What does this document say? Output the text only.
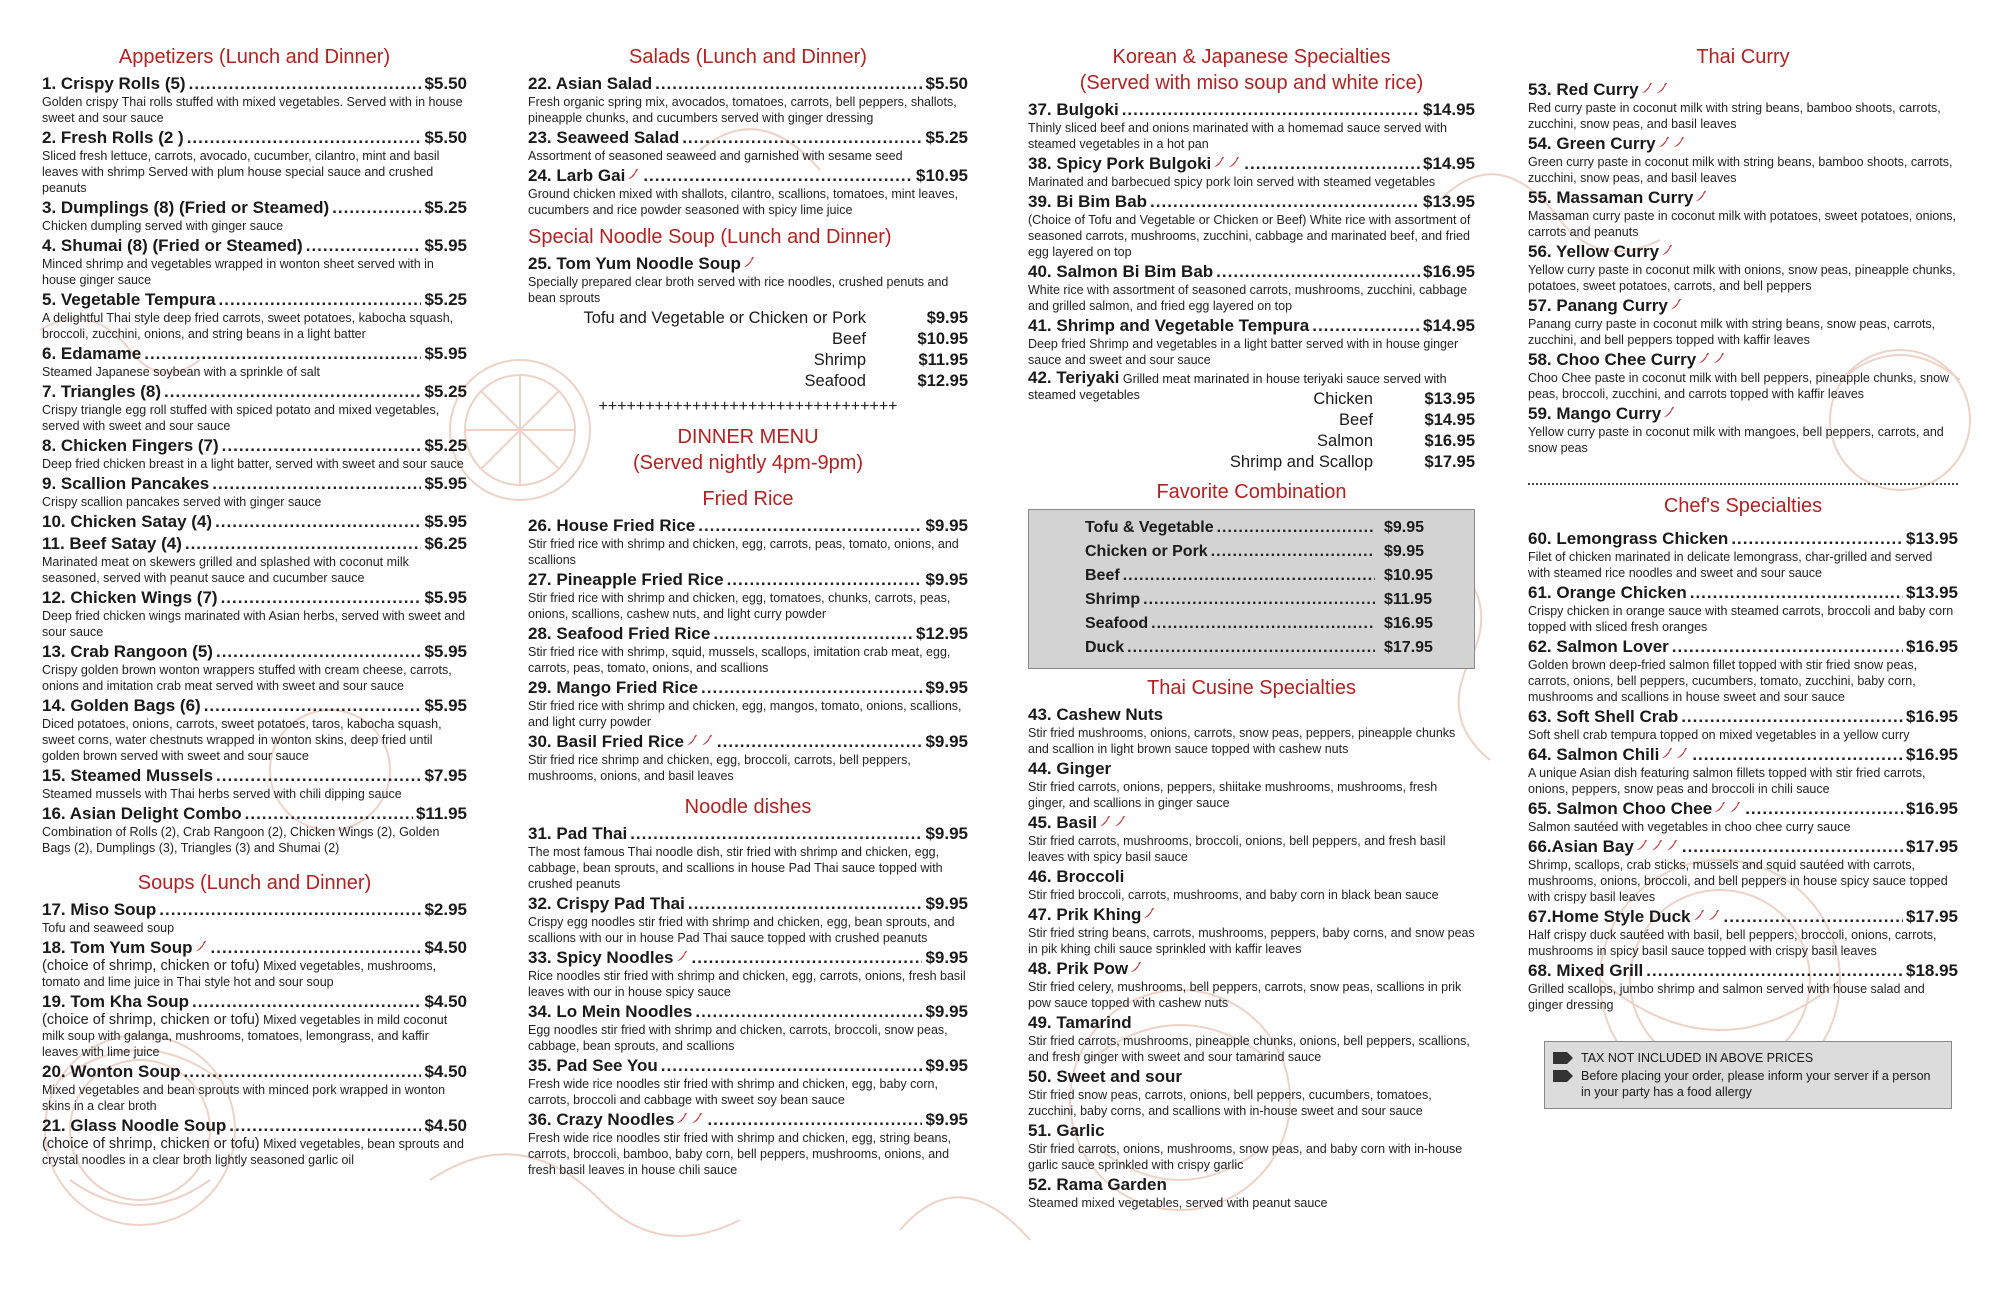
Appetizers (Lunch and Dinner)
1. Crispy Rolls (5) .....	$5.50
Golden crispy Thai rolls stuffed with mixed vegetables. Served with in house sweet and sour sauce
2. Fresh Rolls (2 ) .....	$5.50
Sliced fresh lettuce, carrots, avocado, cucumber, cilantro, mint and basil leaves with shrimp Served with plum house special sauce and crushed peanuts
3. Dumplings (8) (Fried or Steamed) .....	$5.25
Chicken dumpling served with ginger sauce
4. Shumai (8) (Fried or Steamed) .....	$5.95
Minced shrimp and vegetables wrapped in wonton sheet served with in house ginger sauce
5. Vegetable Tempura .....	$5.25
A delightful Thai style deep fried carrots, sweet potatoes, kabocha squash, broccoli, zucchini, onions, and string beans in a light batter
6. Edamame .....	$5.95
Steamed Japanese soybean with a sprinkle of salt
7. Triangles (8) .....	$5.25
Crispy triangle egg roll stuffed with spiced potato and mixed vegetables, served with sweet and sour sauce
8. Chicken Fingers (7) .....	$5.25
Deep fried chicken breast in a light batter, served with sweet and sour sauce
9. Scallion Pancakes .....	$5.95
Crispy scallion pancakes served with ginger sauce
10. Chicken Satay (4) .....	$5.95
11. Beef Satay (4) .....	$6.25
Marinated meat on skewers grilled and splashed with coconut milk seasoned, served with peanut sauce and cucumber sauce
12. Chicken Wings (7) .....	$5.95
Deep fried chicken wings marinated with Asian herbs, served with sweet and sour sauce
13. Crab Rangoon (5) .....	$5.95
Crispy golden brown wonton wrappers stuffed with cream cheese, carrots, onions and imitation crab meat served with sweet and sour sauce
14. Golden Bags (6) .....	$5.95
Diced potatoes, onions, carrots, sweet potatoes, taros, kabocha squash, sweet corns, water chestnuts wrapped in wonton skins, deep fried until golden brown served with sweet and sour sauce
15. Steamed Mussels .....	$7.95
Steamed mussels with Thai herbs served with chili dipping sauce
16. Asian Delight Combo .....	$11.95
Combination of Rolls (2), Crab Rangoon (2), Chicken Wings (2), Golden Bags (2), Dumplings (3), Triangles (3) and Shumai (2)
Soups (Lunch and Dinner)
17. Miso Soup .....	$2.95
Tofu and seaweed soup
18. Tom Yum Soup .....	$4.50
(choice of shrimp, chicken or tofu) Mixed vegetables, mushrooms, tomato and lime juice in Thai style hot and sour soup
19. Tom Kha Soup .....	$4.50
(choice of shrimp, chicken or tofu) Mixed vegetables in mild coconut milk soup with galanga, mushrooms, tomatoes, lemongrass, and kaffir leaves with lime juice
20. Wonton Soup .....	$4.50
Mixed vegetables and bean sprouts with minced pork wrapped in wonton skins in a clear broth
21. Glass Noodle Soup .....	$4.50
(choice of shrimp, chicken or tofu) Mixed vegetables, bean sprouts and crystal noodles in a clear broth lightly seasoned garlic oil
Salads (Lunch and Dinner)
22. Asian Salad .....	$5.50
Fresh organic spring mix, avocados, tomatoes, carrots, bell peppers, shallots, pineapple chunks, and cucumbers served with ginger dressing
23. Seaweed Salad .....	$5.25
Assortment of seasoned seaweed and garnished with sesame seed
24. Larb Gai .....	$10.95
Ground chicken mixed with shallots, cilantro, scallions, tomatoes, mint leaves, cucumbers and rice powder seasoned with spicy lime juice
Special Noodle Soup (Lunch and Dinner)
25. Tom Yum Noodle Soup
Specially prepared clear broth served with rice noodles, crushed penuts and bean sprouts
Tofu and Vegetable or Chicken or Pork	$9.95
Beef	$10.95
Shrimp	$11.95
Seafood	$12.95
++++++++++++++++++++++++++++++++
DINNER MENU
(Served nightly 4pm-9pm)
Fried Rice
26. House Fried Rice .....	$9.95
Stir fried rice with shrimp and chicken, egg, carrots, peas, tomato, onions, and scallions
27. Pineapple Fried Rice .....	$9.95
Stir fried rice with shrimp and chicken, egg, tomatoes, chunks, carrots, peas, onions, scallions, cashew nuts, and light curry powder
28. Seafood Fried Rice .....	$12.95
Stir fried rice with shrimp, squid, mussels, scallops, imitation crab meat, egg, carrots, peas, tomato, onions, and scallions
29. Mango Fried Rice .....	$9.95
Stir fried rice with shrimp and chicken, egg, mangos, tomato, onions, scallions, and light curry powder
30. Basil Fried Rice .....	$9.95
Stir fried rice shrimp and chicken, egg, broccoli, carrots, bell peppers, mushrooms, onions, and basil leaves
Noodle dishes
31. Pad Thai .....	$9.95
The most famous Thai noodle dish, stir fried with shrimp and chicken, egg, cabbage, bean sprouts, and scallions in house Pad Thai sauce topped with crushed peanuts
32. Crispy Pad Thai .....	$9.95
Crispy egg noodles stir fried with shrimp and chicken, egg, bean sprouts, and scallions with our in house Pad Thai sauce topped with crushed peanuts
33. Spicy Noodles .....	$9.95
Rice noodles stir fried with shrimp and chicken, egg, carrots, onions, fresh basil leaves with our in house spicy sauce
34. Lo Mein Noodles .....	$9.95
Egg noodles stir fried with shrimp and chicken, carrots, broccoli, snow peas, cabbage, bean sprouts, and scallions
35. Pad See You .....	$9.95
Fresh wide rice noodles stir fried with shrimp and chicken, egg, baby corn, carrots, broccoli and cabbage with sweet soy bean sauce
36. Crazy Noodles .....	$9.95
Fresh wide rice noodles stir fried with shrimp and chicken, egg, string beans, carrots, broccoli, bamboo, baby corn, bell peppers, mushrooms, onions, and fresh basil leaves in house chili sauce
Korean & Japanese Specialties
(Served with miso soup and white rice)
37. Bulgoki .....	$14.95
Thinly sliced beef and onions marinated with a homemad sauce served with steamed vegetables in a hot pan
38. Spicy Pork Bulgoki .....	$14.95
Marinated and barbecued spicy pork loin served with steamed vegetables
39. Bi Bim Bab .....	$13.95
(Choice of Tofu and Vegetable or Chicken or Beef) White rice with assortment of seasoned carrots, mushrooms, zucchini, cabbage and marinated beef, and fried egg layered on top
40. Salmon Bi Bim Bab .....	$16.95
White rice with assortment of seasoned carrots, mushrooms, zucchini, cabbage and grilled salmon, and fried egg layered on top
41. Shrimp and Vegetable Tempura .....	$14.95
Deep fried Shrimp and vegetables in a light batter served with in house ginger sauce and sweet and sour sauce
42. Teriyaki Grilled meat marinated in house teriyaki sauce served with steamed vegetables	Chicken	$13.95
Beef	$14.95
Salmon	$16.95
Shrimp and Scallop	$17.95
Favorite Combination
Tofu & Vegetable .....	$9.95
Chicken or Pork .....	$9.95
Beef .....	$10.95
Shrimp .....	$11.95
Seafood .....	$16.95
Duck .....	$17.95
Thai Cusine Specialties
43. Cashew Nuts
Stir fried mushrooms, onions, carrots, snow peas, peppers, pineapple chunks and scallion in light brown sauce topped with cashew nuts
44. Ginger
Stir fried carrots, onions, peppers, shiitake mushrooms, mushrooms, fresh ginger, and scallions in ginger sauce
45. Basil
Stir fried carrots, mushrooms, broccoli, onions, bell peppers, and fresh basil leaves with spicy basil sauce
46. Broccoli
Stir fried broccoli, carrots, mushrooms, and baby corn in black bean sauce
47. Prik Khing
Stir fried string beans, carrots, mushrooms, peppers, baby corns, and snow peas in pik khing chili sauce sprinkled with kaffir leaves
48. Prik Pow
Stir fried celery, mushrooms, bell peppers, carrots, snow peas, scallions in prik pow sauce topped with cashew nuts
49. Tamarind
Stir fried carrots, mushrooms, pineapple chunks, onions, bell peppers, scallions, and fresh ginger with sweet and sour tamarind sauce
50. Sweet and sour
Stir fried snow peas, carrots, onions, bell peppers, cucumbers, tomatoes, zucchini, baby corns, and scallions with in-house sweet and sour sauce
51. Garlic
Stir fried carrots, onions, mushrooms, snow peas, and baby corn with in-house garlic sauce sprinkled with crispy garlic
52. Rama Garden
Steamed mixed vegetables, served with peanut sauce
Thai Curry
53. Red Curry
Red curry paste in coconut milk with string beans, bamboo shoots, carrots, zucchini, snow peas, and basil leaves
54. Green Curry
Green curry paste in coconut milk with string beans, bamboo shoots, carrots, zucchini, snow peas, and basil leaves
55. Massaman Curry
Massaman curry paste in coconut milk with potatoes, sweet potatoes, onions, carrots and peanuts
56. Yellow Curry
Yellow curry paste in coconut milk with onions, snow peas, pineapple chunks, potatoes, sweet potatoes, carrots, and bell peppers
57. Panang Curry
Panang curry paste in coconut milk with string beans, snow peas, carrots, zucchini, and bell peppers topped with kaffir leaves
58. Choo Chee Curry
Choo Chee paste in coconut milk with bell peppers, pineapple chunks, snow peas, broccoli, zucchini, and carrots topped with kaffir leaves
59. Mango Curry
Yellow curry paste in coconut milk with mangoes, bell peppers, carrots, and snow peas
Chef's Specialties
60. Lemongrass Chicken .....	$13.95
Filet of chicken marinated in delicate lemongrass, char-grilled and served with steamed rice noodles and sweet and sour sauce
61. Orange Chicken .....	$13.95
Crispy chicken in orange sauce with steamed carrots, broccoli and baby corn topped with sliced fresh oranges
62. Salmon Lover .....	$16.95
Golden brown deep-fried salmon fillet topped with stir fried snow peas, carrots, onions, bell peppers, cucumbers, tomato, zucchini, baby corn, mushrooms and scallions in house sweet and sour sauce
63. Soft Shell Crab .....	$16.95
Soft shell crab tempura topped on mixed vegetables in a yellow curry
64. Salmon Chili .....	$16.95
A unique Asian dish featuring salmon fillets topped with stir fried carrots, onions, peppers, snow peas and broccoli in chili sauce
65. Salmon Choo Chee .....	$16.95
Salmon sautéed with vegetables in choo chee curry sauce
66.Asian Bay .....	$17.95
Shrimp, scallops, crab sticks, mussels and squid sautéed with carrots, mushrooms, onions, broccoli, and bell peppers in house spicy sauce topped with crispy basil leaves
67.Home Style Duck .....	$17.95
Half crispy duck sautéed with basil, bell peppers, broccoli, onions, carrots, mushrooms in spicy basil sauce topped with crispy basil leaves
68. Mixed Grill .....	$18.95
Grilled scallops, jumbo shrimp and salmon served with house salad and ginger dressing
TAX NOT INCLUDED IN ABOVE PRICES
Before placing your order, please inform your server if a person in your party has a food allergy
